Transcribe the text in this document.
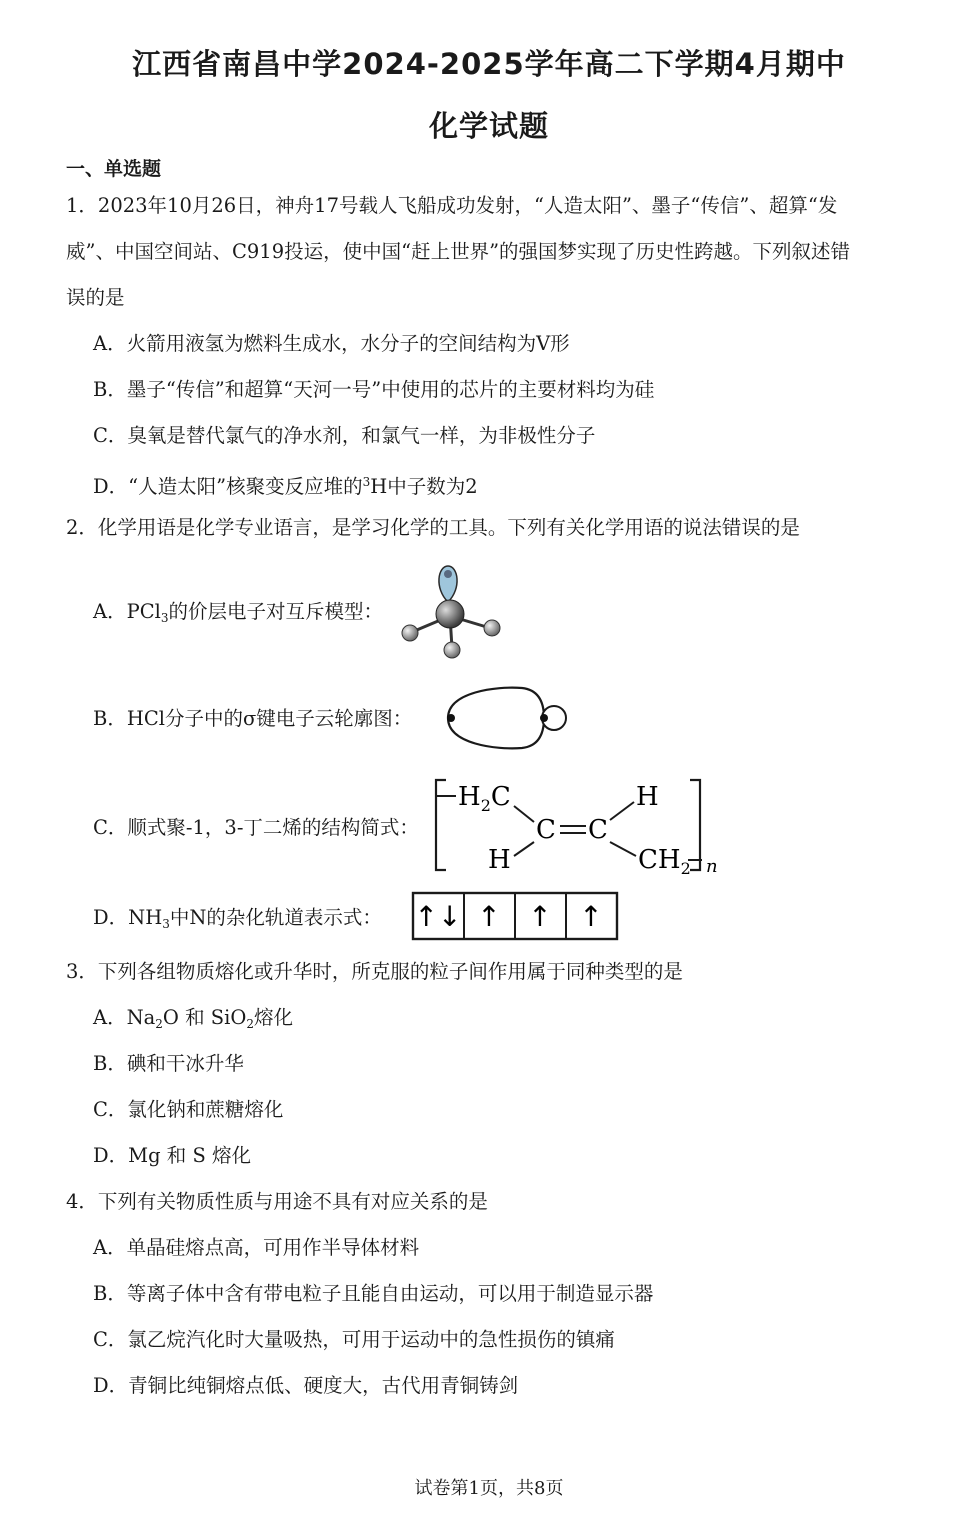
江西省南昌中学2024-2025学年高二下学期4月期中
化学试题
一、单选题
1．2023年10月26日，神舟17号载人飞船成功发射，“人造太阳”、墨子“传信”、超算“发
威”、中国空间站、C919投运，使中国“赶上世界”的强国梦实现了历史性跨越。下列叙述错
误的是
A．火箭用液氢为燃料生成水，水分子的空间结构为V形
B．墨子“传信”和超算“天河一号”中使用的芯片的主要材料均为硅
C．臭氧是替代氯气的净水剂，和氯气一样，为非极性分子
D．“人造太阳”核聚变反应堆的$^3$H中子数为2
2．化学用语是化学专业语言，是学习化学的工具。下列有关化学用语的说法错误的是
A．PCl$_3$的价层电子对互斥模型：
B．HCl分子中的σ键电子云轮廓图：
C．顺式聚-1，3-丁二烯的结构简式：
$H_2C$
C C
H
H
$CH_2$ n
D．$NH_3$中N的杂化轨道表示式： ↑↓ ↑ ↑ ↑
3．下列各组物质熔化或升华时，所克服的粒子间作用属于同种类型的是
A．$Na_2O$ 和 SiO$_2$熔化
B．碘和干冰升华
C．氯化钠和蔗糖熔化
D．Mg 和 S 熔化
4．下列有关物质性质与用途不具有对应关系的是
A．单晶硅熔点高，可用作半导体材料
B．等离子体中含有带电粒子且能自由运动，可以用于制造显示器
C．氯乙烷汽化时大量吸热，可用于运动中的急性损伤的镇痛
D．青铜比纯铜熔点低、硬度大，古代用青铜铸剑
试卷第1页，共8页
